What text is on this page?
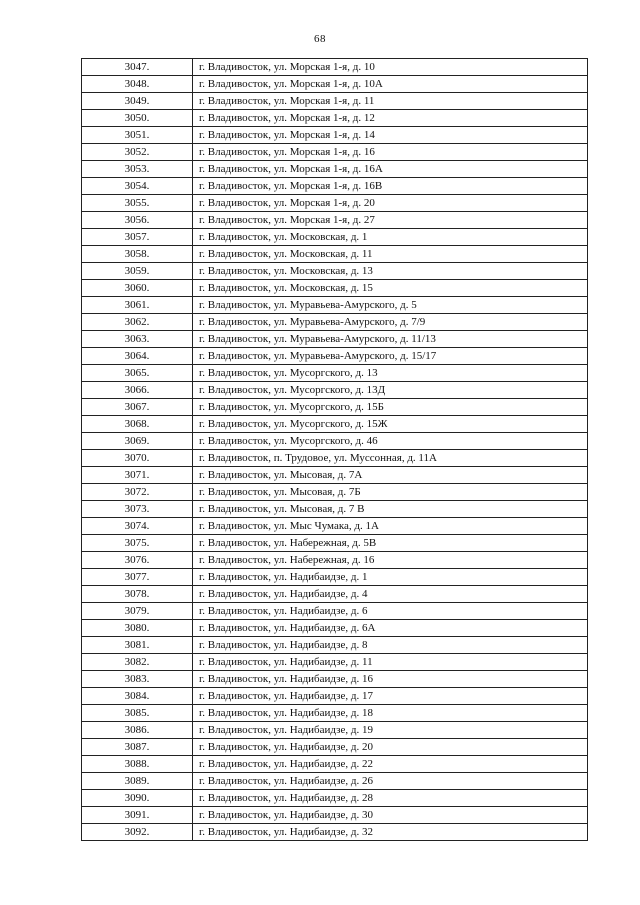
68
3047.	г. Владивосток, ул. Морская 1-я, д. 10
3048.	г. Владивосток, ул. Морская 1-я, д. 10А
3049.	г. Владивосток, ул. Морская 1-я, д. 11
3050.	г. Владивосток, ул. Морская 1-я, д. 12
3051.	г. Владивосток, ул. Морская 1-я, д. 14
3052.	г. Владивосток, ул. Морская 1-я, д. 16
3053.	г. Владивосток, ул. Морская 1-я, д. 16А
3054.	г. Владивосток, ул. Морская 1-я, д. 16В
3055.	г. Владивосток, ул. Морская 1-я, д. 20
3056.	г. Владивосток, ул. Морская 1-я, д. 27
3057.	г. Владивосток, ул. Московская, д. 1
3058.	г. Владивосток, ул. Московская, д. 11
3059.	г. Владивосток, ул. Московская, д. 13
3060.	г. Владивосток, ул. Московская, д. 15
3061.	г. Владивосток, ул. Муравьева-Амурского, д. 5
3062.	г. Владивосток, ул. Муравьева-Амурского, д. 7/9
3063.	г. Владивосток, ул. Муравьева-Амурского, д. 11/13
3064.	г. Владивосток, ул. Муравьева-Амурского, д. 15/17
3065.	г. Владивосток, ул. Мусоргского, д. 13
3066.	г. Владивосток, ул. Мусоргского, д. 13Д
3067.	г. Владивосток, ул. Мусоргского, д. 15Б
3068.	г. Владивосток, ул. Мусоргского, д. 15Ж
3069.	г. Владивосток, ул. Мусоргского, д. 46
3070.	г. Владивосток, п. Трудовое, ул. Муссонная, д. 11А
3071.	г. Владивосток, ул. Мысовая, д. 7А
3072.	г. Владивосток, ул. Мысовая, д. 7Б
3073.	г. Владивосток, ул. Мысовая, д. 7 В
3074.	г. Владивосток, ул. Мыс Чумака, д. 1А
3075.	г. Владивосток, ул. Набережная, д. 5В
3076.	г. Владивосток, ул. Набережная, д. 16
3077.	г. Владивосток, ул. Надибаидзе, д. 1
3078.	г. Владивосток, ул. Надибаидзе, д. 4
3079.	г. Владивосток, ул. Надибаидзе, д. 6
3080.	г. Владивосток, ул. Надибаидзе, д. 6А
3081.	г. Владивосток, ул. Надибаидзе, д. 8
3082.	г. Владивосток, ул. Надибаидзе, д. 11
3083.	г. Владивосток, ул. Надибаидзе, д. 16
3084.	г. Владивосток, ул. Надибаидзе, д. 17
3085.	г. Владивосток, ул. Надибаидзе, д. 18
3086.	г. Владивосток, ул. Надибаидзе, д. 19
3087.	г. Владивосток, ул. Надибаидзе, д. 20
3088.	г. Владивосток, ул. Надибаидзе, д. 22
3089.	г. Владивосток, ул. Надибаидзе, д. 26
3090.	г. Владивосток, ул. Надибаидзе, д. 28
3091.	г. Владивосток, ул. Надибаидзе, д. 30
3092.	г. Владивосток, ул. Надибаидзе, д. 32
